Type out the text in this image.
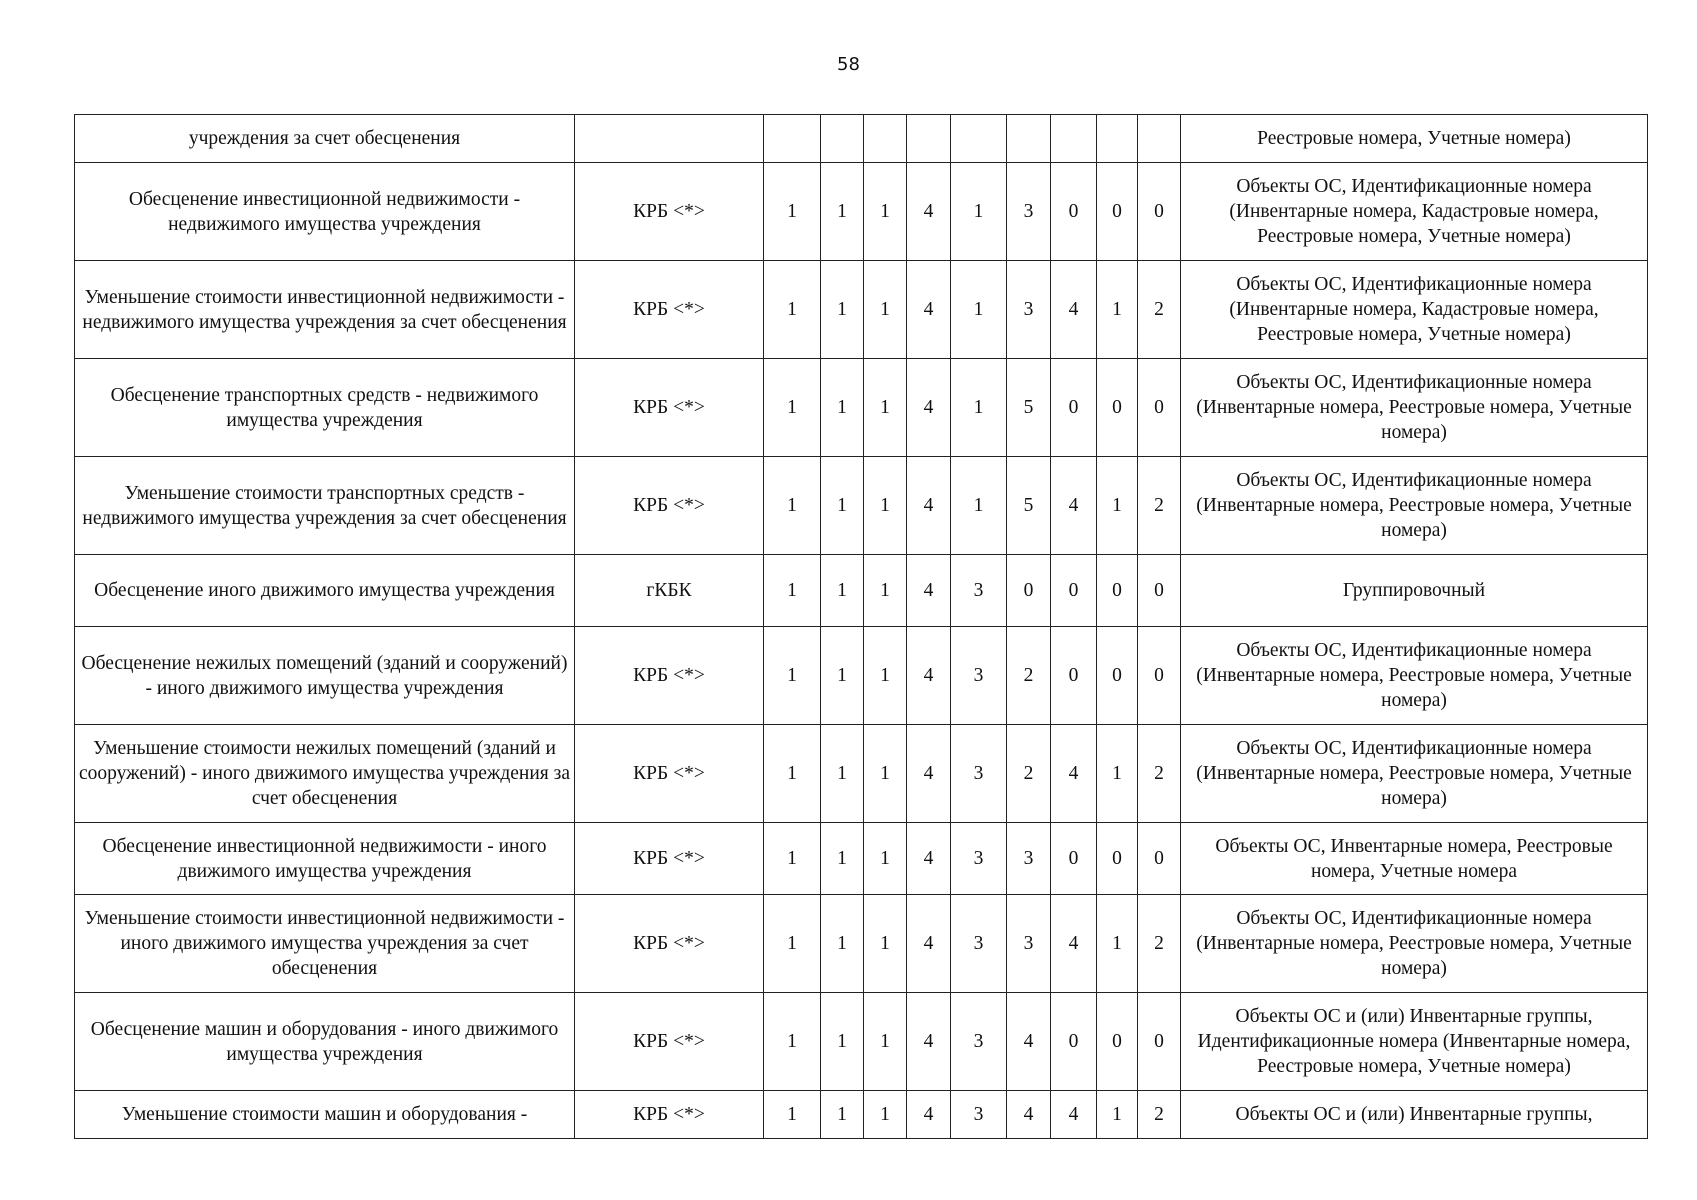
58
учреждения за счет обесценения											Реестровые номера, Учетные номера)
Обесценение инвестиционной недвижимости - недвижимого имущества учреждения	КРБ <*>	1	1	1	4	1	3	0	0	0	Объекты ОС, Идентификационные номера (Инвентарные номера, Кадастровые номера, Реестровые номера, Учетные номера)
Уменьшение стоимости инвестиционной недвижимости - недвижимого имущества учреждения за счет обесценения	КРБ <*>	1	1	1	4	1	3	4	1	2	Объекты ОС, Идентификационные номера (Инвентарные номера, Кадастровые номера, Реестровые номера, Учетные номера)
Обесценение транспортных средств - недвижимого имущества учреждения	КРБ <*>	1	1	1	4	1	5	0	0	0	Объекты ОС, Идентификационные номера (Инвентарные номера, Реестровые номера, Учетные номера)
Уменьшение стоимости транспортных средств - недвижимого имущества учреждения за счет обесценения	КРБ <*>	1	1	1	4	1	5	4	1	2	Объекты ОС, Идентификационные номера (Инвентарные номера, Реестровые номера, Учетные номера)
Обесценение иного движимого имущества учреждения	гКБК	1	1	1	4	3	0	0	0	0	Группировочный
Обесценение нежилых помещений (зданий и сооружений) - иного движимого имущества учреждения	КРБ <*>	1	1	1	4	3	2	0	0	0	Объекты ОС, Идентификационные номера (Инвентарные номера, Реестровые номера, Учетные номера)
Уменьшение стоимости нежилых помещений (зданий и сооружений) - иного движимого имущества учреждения за счет обесценения	КРБ <*>	1	1	1	4	3	2	4	1	2	Объекты ОС, Идентификационные номера (Инвентарные номера, Реестровые номера, Учетные номера)
Обесценение инвестиционной недвижимости - иного движимого имущества учреждения	КРБ <*>	1	1	1	4	3	3	0	0	0	Объекты ОС, Инвентарные номера, Реестровые номера, Учетные номера
Уменьшение стоимости инвестиционной недвижимости - иного движимого имущества учреждения за счет обесценения	КРБ <*>	1	1	1	4	3	3	4	1	2	Объекты ОС, Идентификационные номера (Инвентарные номера, Реестровые номера, Учетные номера)
Обесценение машин и оборудования - иного движимого имущества учреждения	КРБ <*>	1	1	1	4	3	4	0	0	0	Объекты ОС и (или) Инвентарные группы, Идентификационные номера (Инвентарные номера, Реестровые номера, Учетные номера)
Уменьшение стоимости машин и оборудования -	КРБ <*>	1	1	1	4	3	4	4	1	2	Объекты ОС и (или) Инвентарные группы,
